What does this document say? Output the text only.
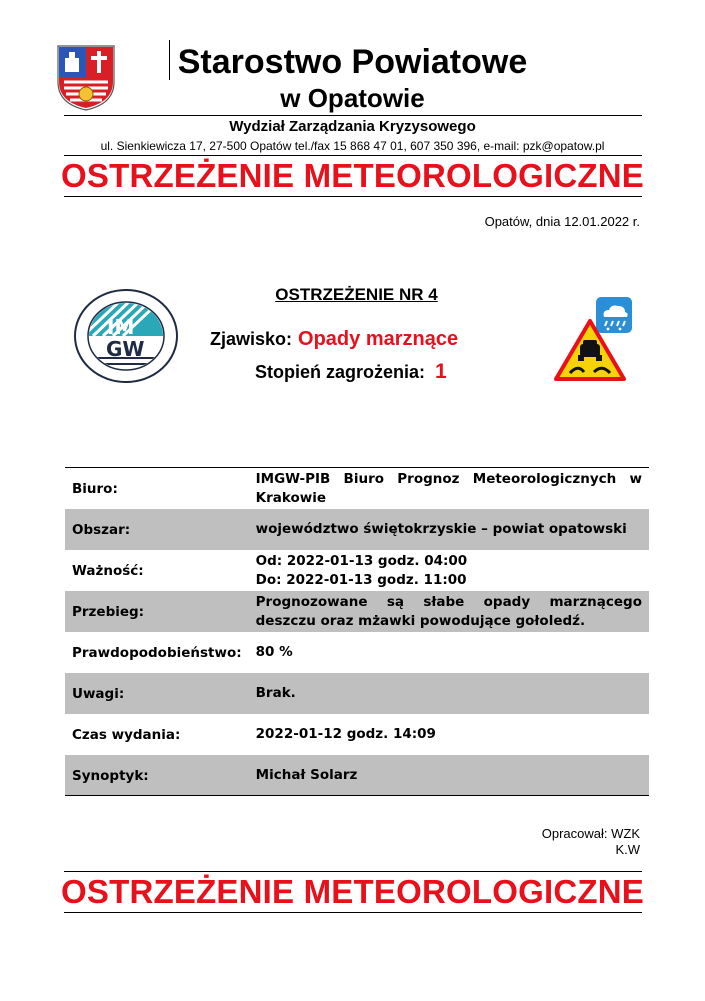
Starostwo Powiatowe
w Opatowie
Wydział Zarządzania Kryzysowego
ul. Sienkiewicza 17, 27-500 Opatów tel./fax 15 868 47 01, 607 350 396, e-mail: pzk@opatow.pl
OSTRZEŻENIE METEOROLOGICZNE
Opatów, dnia 12.01.2022 r.
IM
GW
OSTRZEŻENIE NR 4
Zjawisko: Opady marznące
Stopień zagrożenia: 1
Biuro:	IMGW-PIB Biuro Prognoz Meteorologicznych w Krakowie
Obszar:	województwo świętokrzyskie – powiat opatowski
Ważność:	Od: 2022-01-13 godz. 04:00
Do: 2022-01-13 godz. 11:00

Przebieg:	Prognozowane są słabe opady marznącego deszczu oraz mżawki powodujące gołoledź.
Prawdopodobieństwo:	80 %
Uwagi:	Brak.
Czas wydania:	2022-01-12 godz. 14:09
Synoptyk:	Michał Solarz
Opracował: WZK
K.W
OSTRZEŻENIE METEOROLOGICZNE
